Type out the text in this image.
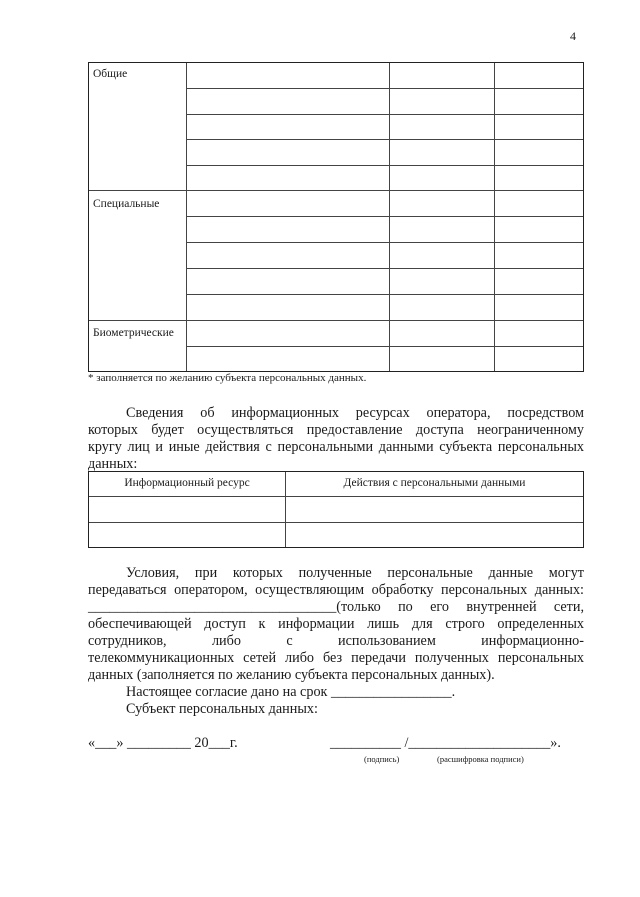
4
Общие
Специальные
Биометрические
* заполняется по желанию субъекта персональных данных.
Сведения об информационных ресурсах оператора, посредством
которых будет осуществляться предоставление доступа неограниченному
кругу лиц и иные действия с персональными данными субъекта персональных
данных:
Информационный ресурс	Действия с персональными данными
Условия, при которых полученные персональные данные могут
передаваться оператором, осуществляющим обработку персональных данных:
___________________________________(только по его внутренней сети,
обеспечивающей доступ к информации лишь для строго определенных
сотрудников, либо с использованием информационно-
телекоммуникационных сетей либо без передачи полученных персональных
данных (заполняется по желанию субъекта персональных данных).
Настоящее согласие дано на срок _________________.
Субъект персональных данных:
«___» _________ 20___г.	__________ /____________________».
(подпись)	(расшифровка подписи)
